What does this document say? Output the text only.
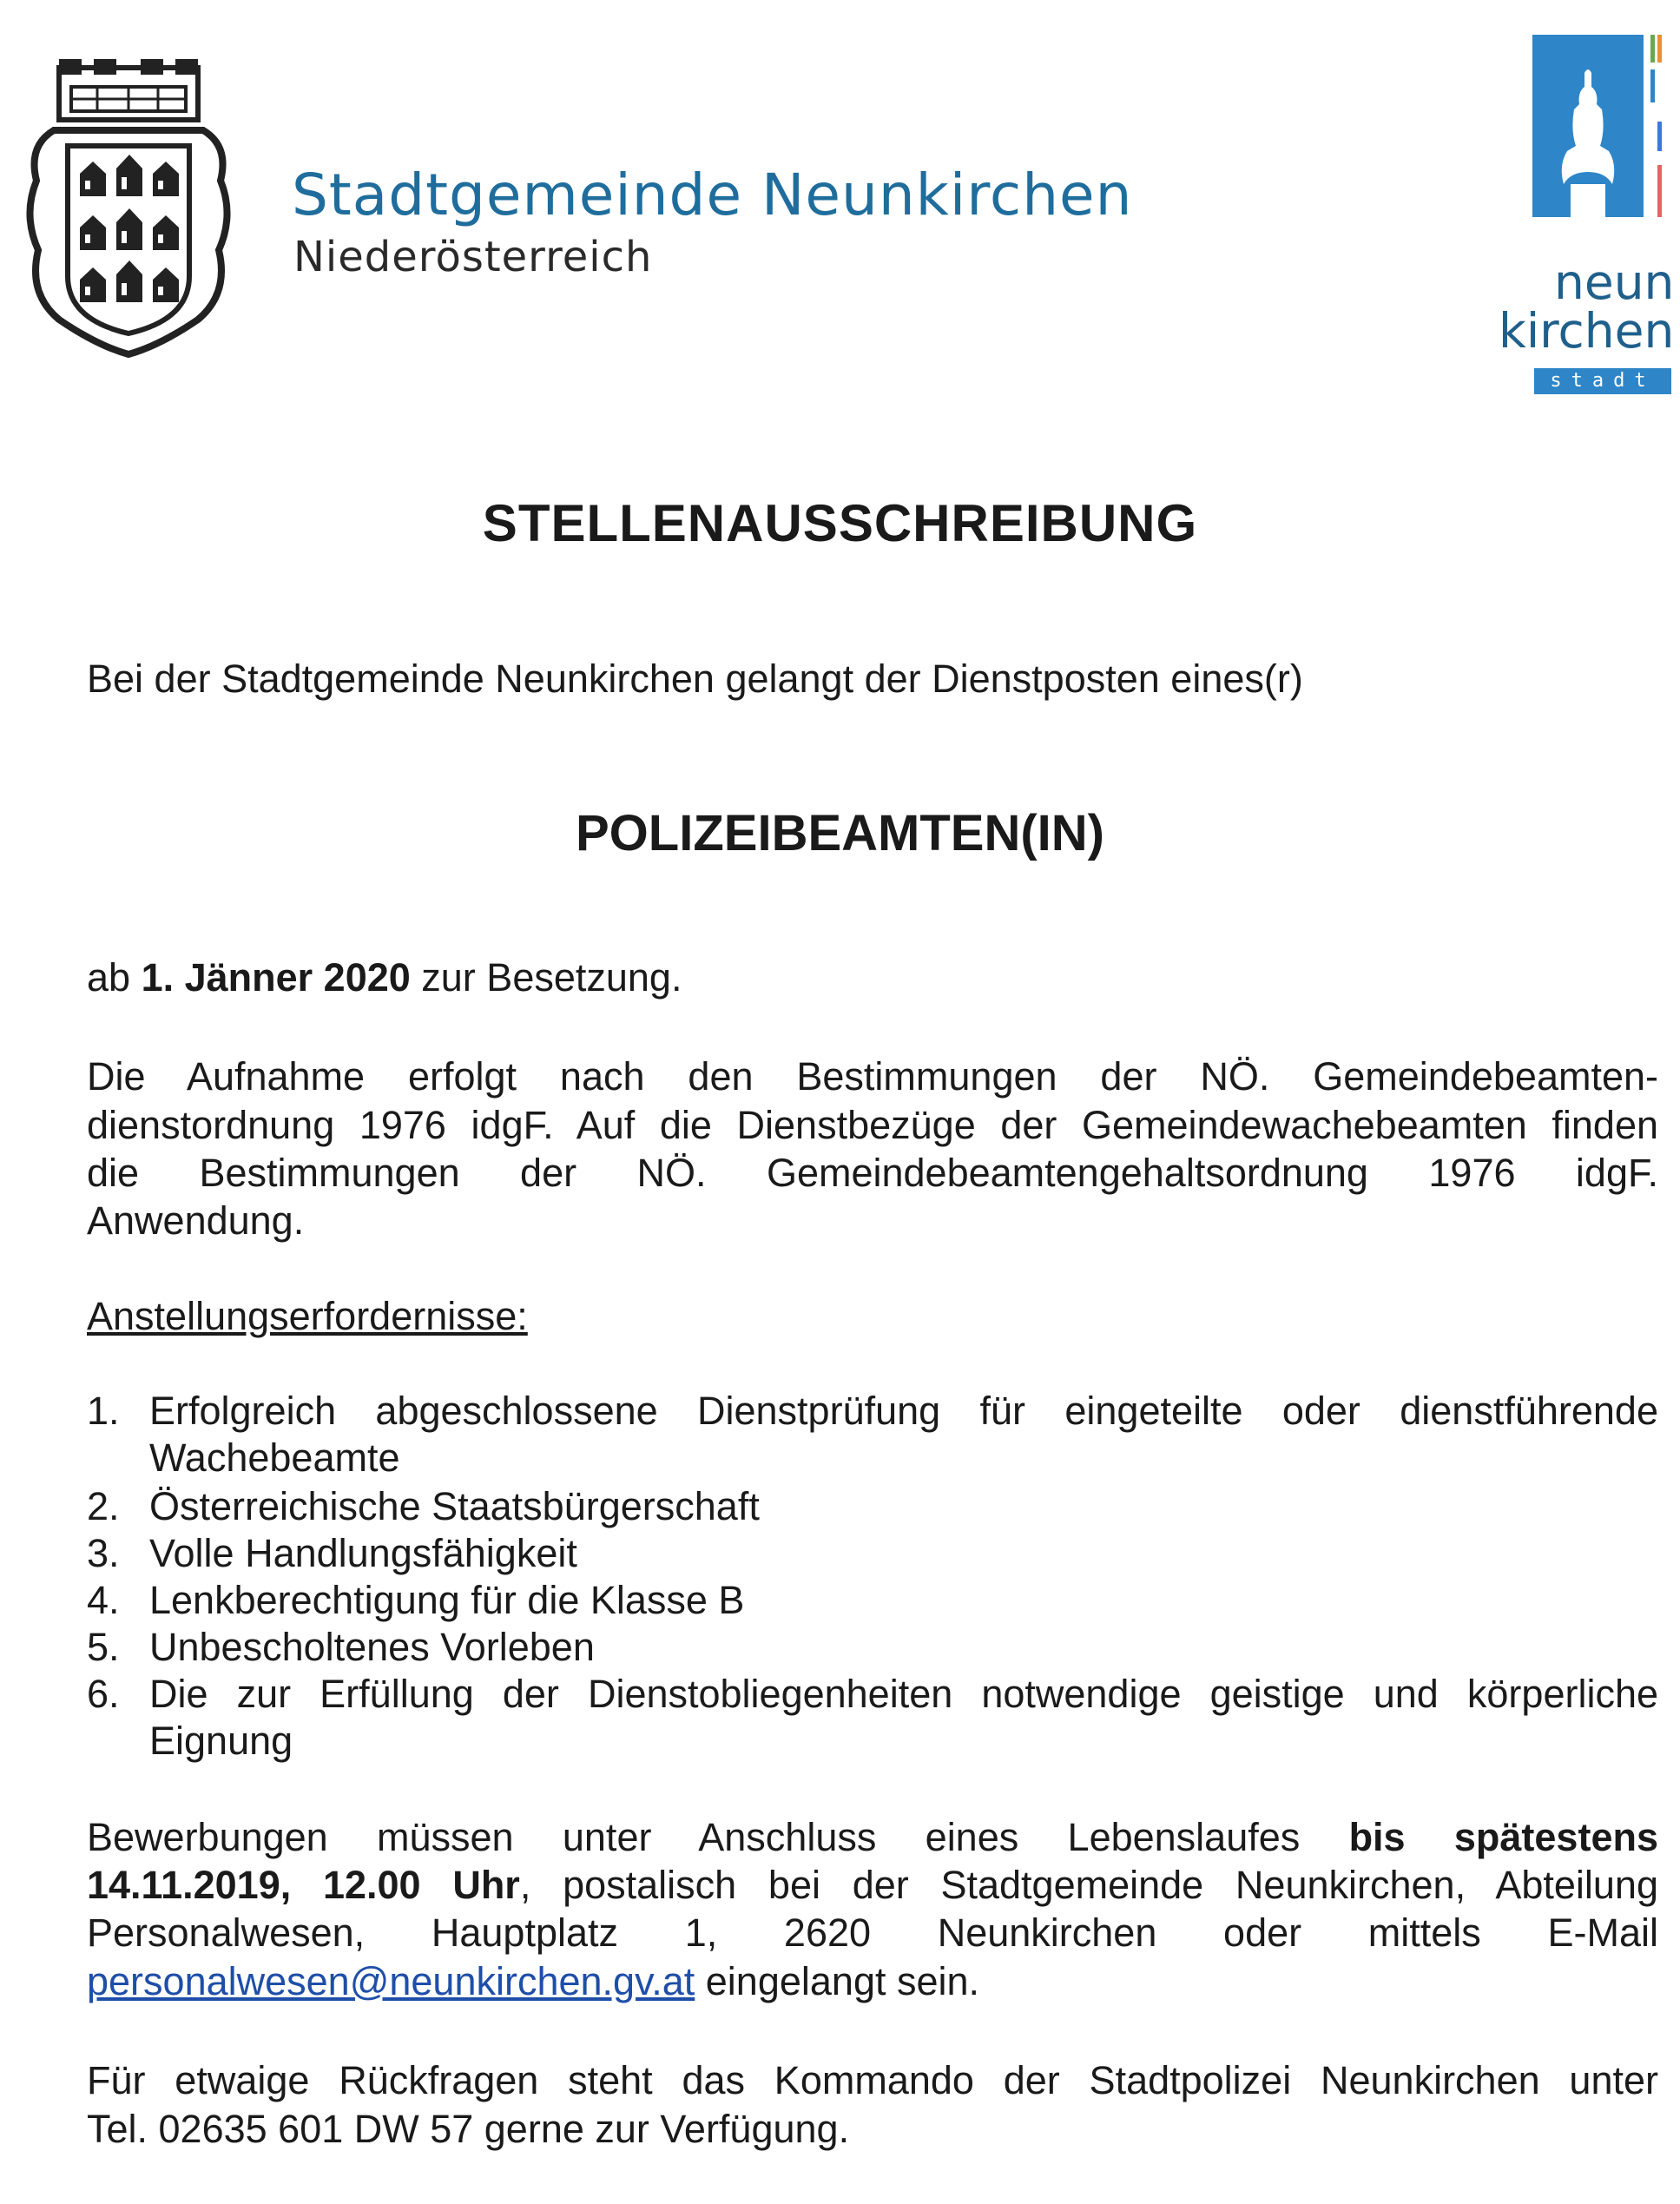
Stadtgemeinde Neunkirchen
Niederösterreich	neun
kirchen
stadt
STELLENAUSSCHREIBUNG
Bei der Stadtgemeinde Neunkirchen gelangt der Dienstposten eines(r)
POLIZEIBEAMTEN(IN)
ab 1. Jänner 2020 zur Besetzung.
Die Aufnahme erfolgt nach den Bestimmungen der NÖ. Gemeindebeamten-
dienstordnung 1976 idgF. Auf die Dienstbezüge der Gemeindewachebeamten finden
die Bestimmungen der NÖ. Gemeindebeamtengehaltsordnung 1976 idgF.
Anwendung.
Anstellungserfordernisse:
1. Erfolgreich abgeschlossene Dienstprüfung für eingeteilte oder dienstführende Wachebeamte
2. Österreichische Staatsbürgerschaft
3. Volle Handlungsfähigkeit
4. Lenkberechtigung für die Klasse B
5. Unbescholtenes Vorleben
6. Die zur Erfüllung der Dienstobliegenheiten notwendige geistige und körperliche Eignung
Bewerbungen müssen unter Anschluss eines Lebenslaufes bis spätestens
14.11.2019, 12.00 Uhr, postalisch bei der Stadtgemeinde Neunkirchen, Abteilung
Personalwesen, Hauptplatz 1, 2620 Neunkirchen oder mittels E-Mail
personalwesen@neunkirchen.gv.at eingelangt sein.
Für etwaige Rückfragen steht das Kommando der Stadtpolizei Neunkirchen unter
Tel. 02635 601 DW 57 gerne zur Verfügung.
